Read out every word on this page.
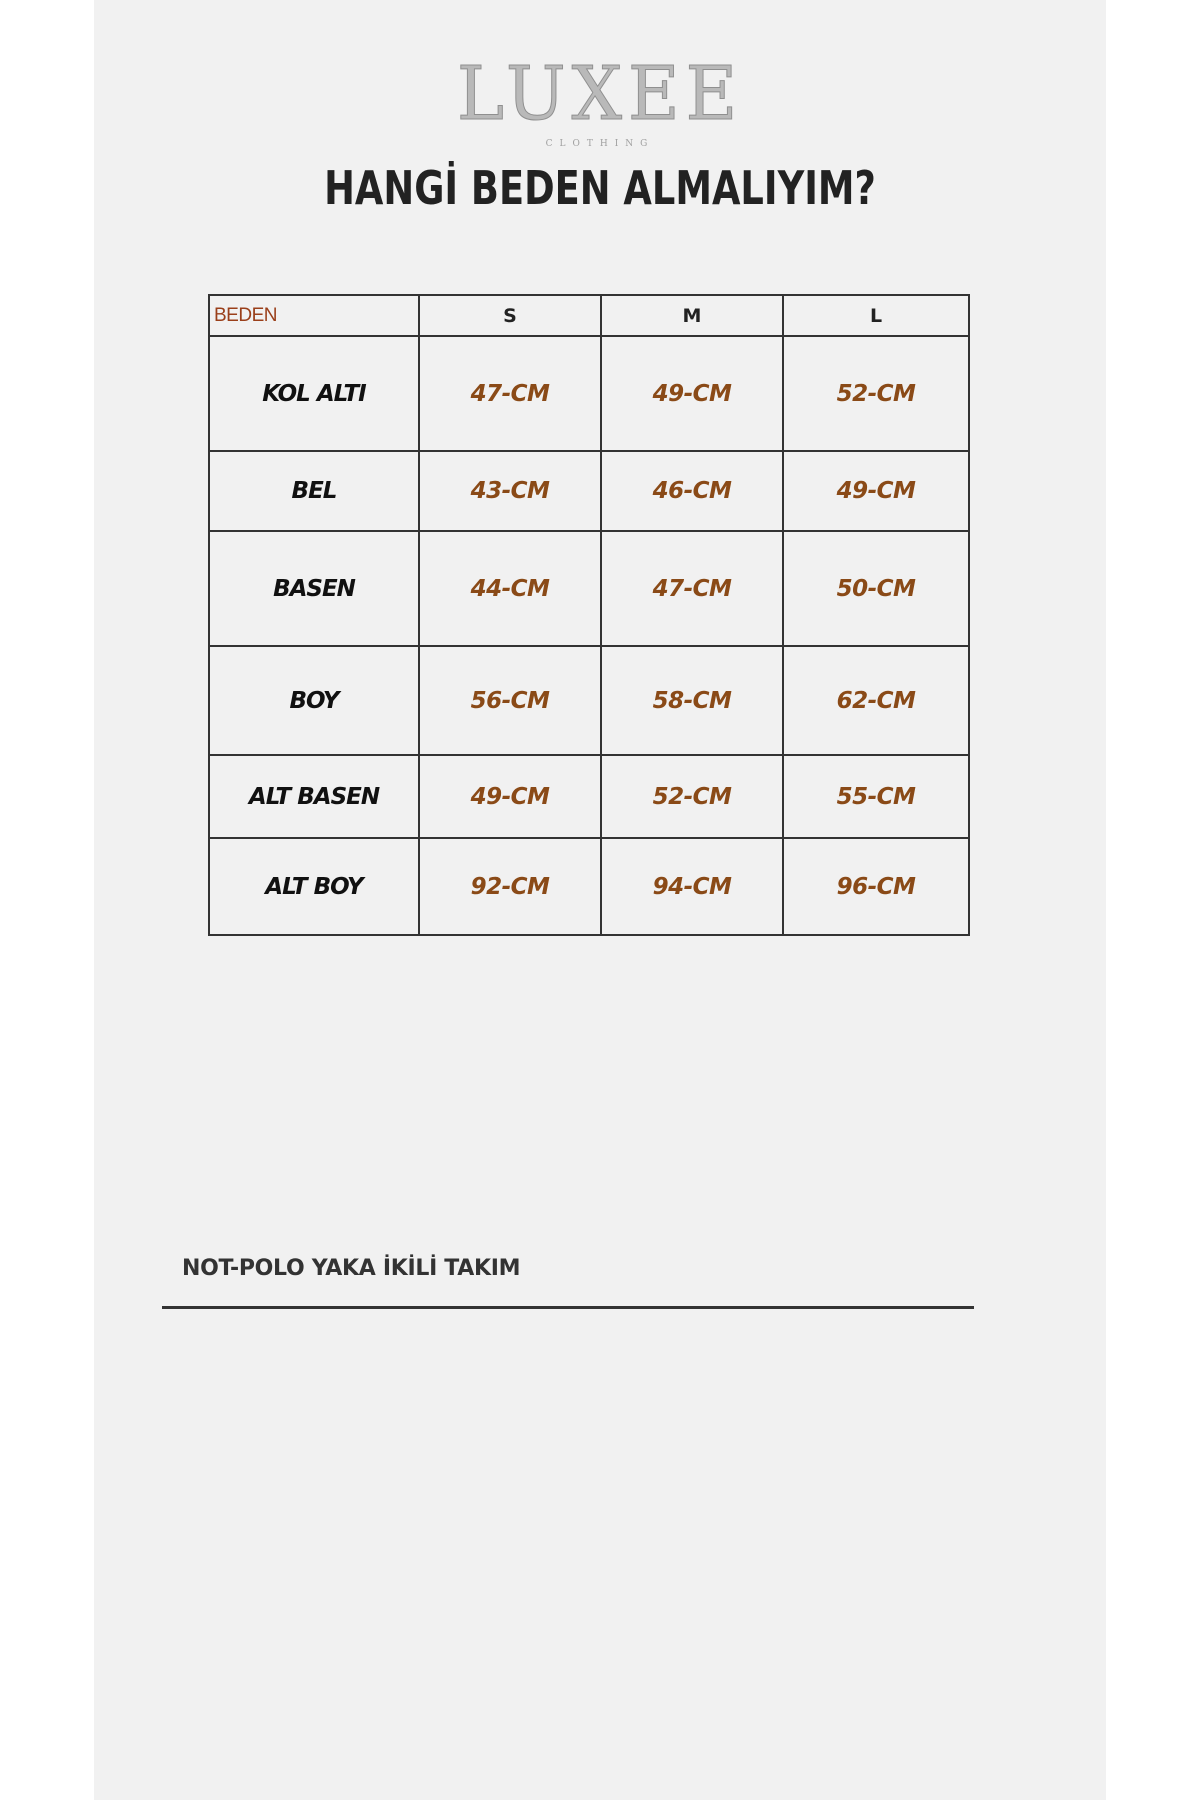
LUXEE
CLOTHING
HANGİ BEDEN ALMALIYIM?
BEDEN	S	M	L
KOL ALTI	47-CM	49-CM	52-CM
BEL	43-CM	46-CM	49-CM
BASEN	44-CM	47-CM	50-CM
BOY	56-CM	58-CM	62-CM
ALT BASEN	49-CM	52-CM	55-CM
ALT BOY	92-CM	94-CM	96-CM
NOT-POLO YAKA İKİLİ TAKIM
